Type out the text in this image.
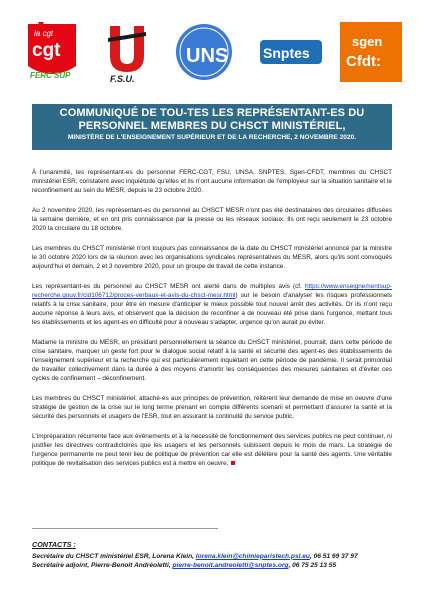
la cgt
cgt
FERC SUP	F.S.U.
UNS Snptes
sgen
Cfdt:
COMMUNIQUÉ DE TOU-TES LES REPRÉSENTANT-ES DU
PERSONNEL MEMBRES DU CHSCT MINISTÉRIEL,
MINISTÈRE DE L'ENSEIGNEMENT SUPÉRIEUR ET DE LA RECHERCHE, 2 NOVEMBRE 2020.

À l'unanimité, les représentant-es du personnel FERC-CGT, FSU, UNSA, SNPTES, Sgen-CFDT, membres du CHSCT ministériel ESR, constatent avec inquiétude qu'elles et ils n'ont aucune information de l'employeur sur la situation sanitaire et le reconfinement au sein du MESR, depuis le 23 octobre 2020.

Au 2 novembre 2020, les représentant-es du personnel au CHSCT MESR n'ont pas été destinataires des circulaires diffusées la semaine dernière, et en ont pris connaissance par la presse ou les réseaux sociaux. Ils ont reçu seulement le 23 octobre 2020 la circulaire du 18 octobre.

Les membres du CHSCT ministériel n'ont toujours pas connaissance de la date du CHSCT ministériel annoncé par la ministre le 30 octobre 2020 lors de la réunion avec les organisations syndicales représentatives du MESR, alors qu'ils sont convoqués aujourd'hui et demain, 2 et 3 novembre 2020, pour un groupe de travail de cette instance.

Les représentant-es du personnel au CHSCT MESR ont alerté dans de multiples avis (cf. https://www.enseignementsup-recherche.gouv.fr/cid106712/proces-verbaux-et-avis-du-chsct-mesr.html) sur le besoin d'analyser les risques professionnels relatifs à la crise sanitaire, pour être en mesure d'anticiper le mieux possible tout nouvel arrêt des activités. Or ils n'ont reçu aucune réponse à leurs avis, et observent que la décision de reconfiner a de nouveau été prise dans l'urgence, mettant tous les établissements et les agent-es en difficulté pour à nouveau s'adapter, urgence qu'on aurait pu éviter.

Madame la ministre du MESR, en présidant personnellement la séance du CHSCT ministériel, pourrait, dans cette période de crise sanitaire, marquer un geste fort pour le dialogue social relatif à la santé et sécurité des agent-es des établissements de l'enseignement supérieur et la recherche qui est particulièrement inquiétant en cette période de pandémie. Il serait primordial de travailler collectivement dans la durée à des moyens d'amortir les conséquences des mesures sanitaires et d'éviter ces cycles de confinement – déconfinement.

Les membres du CHSCT ministériel, attaché-es aux principes de prévention, réitèrent leur demande de mise en oeuvre d'une stratégie de gestion de la crise sur le long terme prenant en compte différents scenarii et permettant d'assurer la santé et la sécurité des personnels et usagers de l'ESR, tout en assurant la continuité du service public.

L'impréparation récurrente face aux événements et à la nécessité de fonctionnement des services publics ne peut continuer, ni justifier les directives contradictoires que les usagers et les personnels subissent depuis le mois de mars. La stratégie de l'urgence permanente ne peut tenir lieu de politique de prévention car elle est délétère pour la santé des agents. Une véritable politique de revitalisation des services publics est à mettre en oeuvre.

CONTACTS :
Secrétaire du CHSCT ministériel ESR, Lorena Klein, lorena.klein@chimieparistech.psl.eu, 06 51 69 37 97
Secrétaire adjoint, Pierre-Benoît Andréoletti, pierre-benoit.andreoletti@snptes.org, 06 75 25 13 55
